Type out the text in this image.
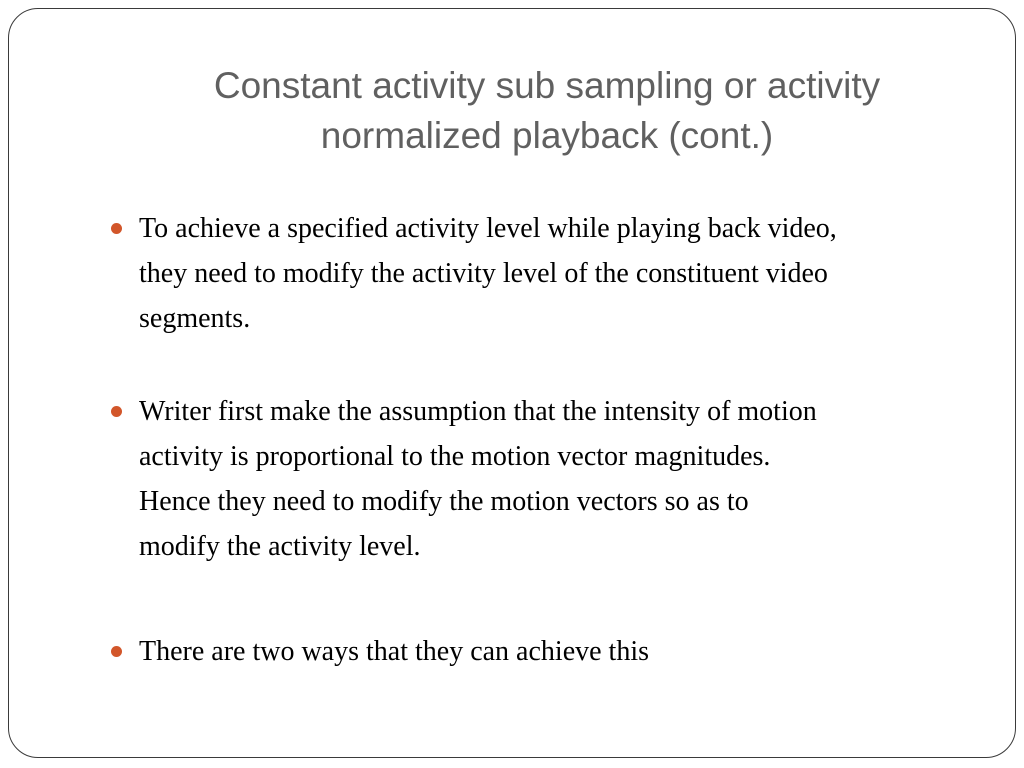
Constant activity sub sampling or activity
normalized playback (cont.)
To achieve a specified activity level while playing back video,
they need to modify the activity level of the constituent video
segments.
Writer first make the assumption that the intensity of motion
activity is proportional to the motion vector magnitudes.
Hence they need to modify the motion vectors so as to
modify the activity level.
There are two ways that they can achieve this
